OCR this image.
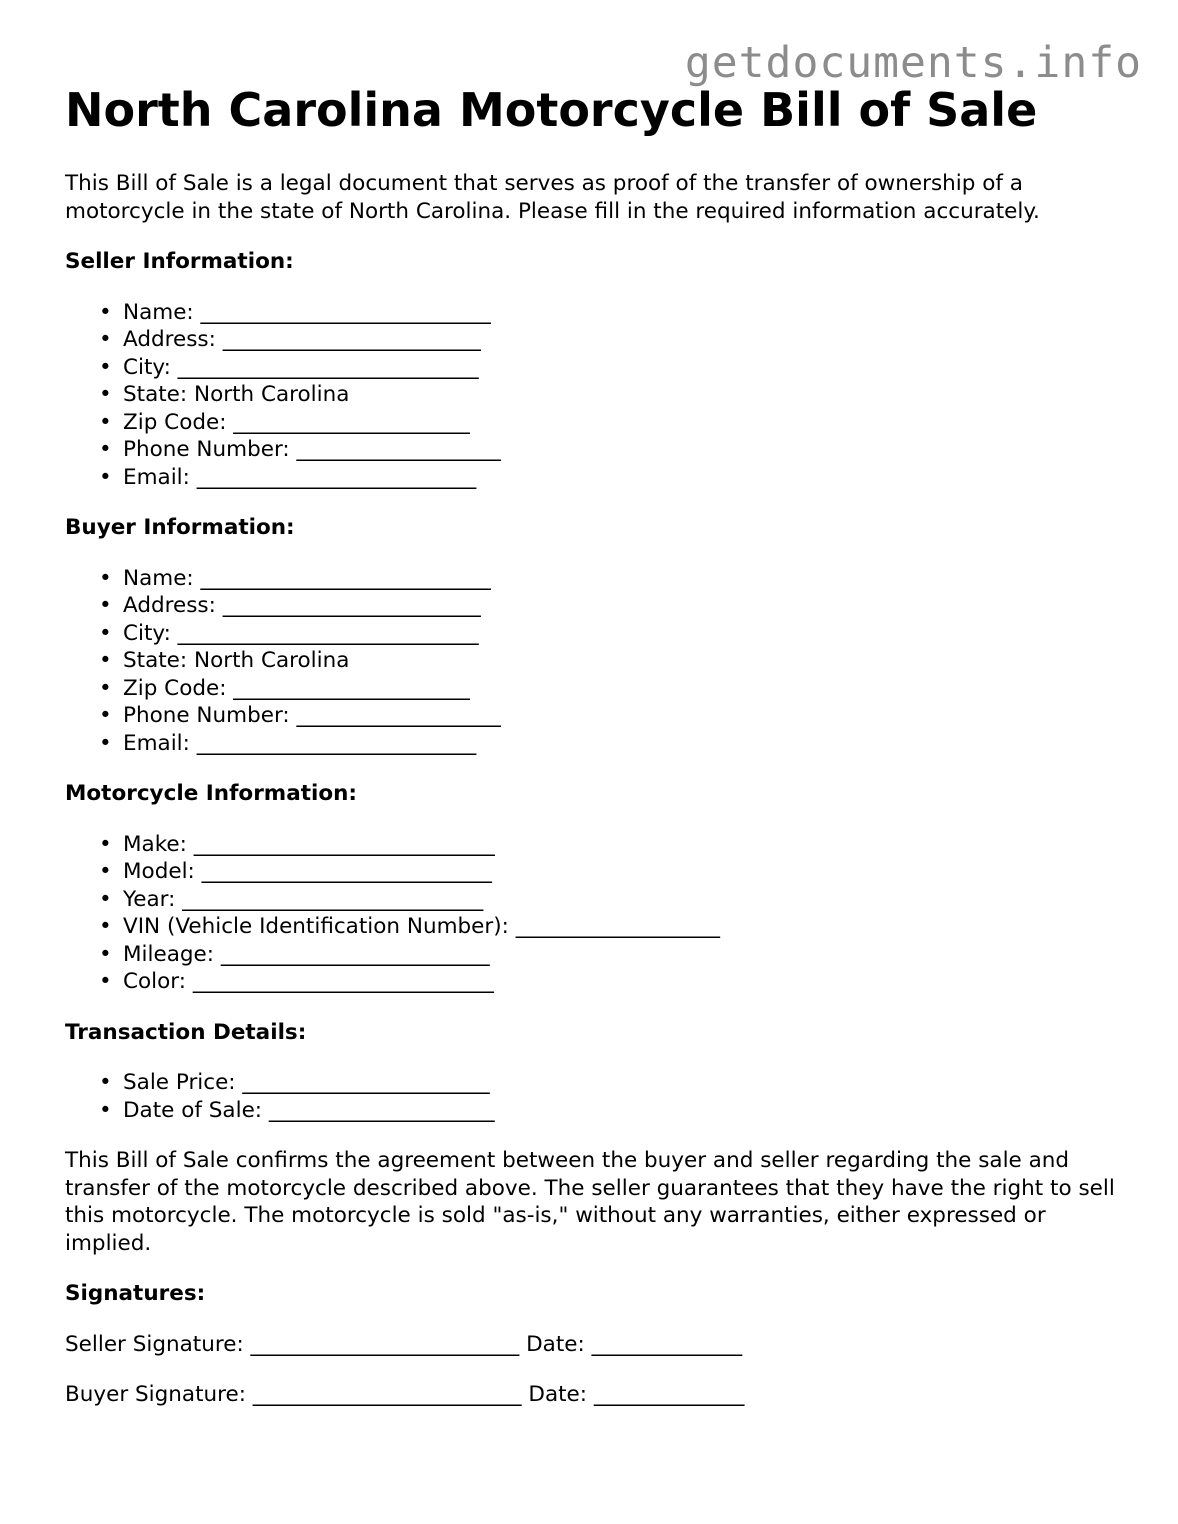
getdocuments.info
North Carolina Motorcycle Bill of Sale

This Bill of Sale is a legal document that serves as proof of the transfer of ownership of a motorcycle in the state of North Carolina. Please fill in the required information accurately.

Seller Information:
• Name: ___________________________
• Address: ________________________
• City: ____________________________
• State: North Carolina
• Zip Code: ______________________
• Phone Number: ___________________
• Email: __________________________
Buyer Information:
• Name: ___________________________
• Address: ________________________
• City: ____________________________
• State: North Carolina
• Zip Code: ______________________
• Phone Number: ___________________
• Email: __________________________
Motorcycle Information:
• Make: ____________________________
• Model: ___________________________
• Year: ____________________________
• VIN (Vehicle Identification Number): ___________________
• Mileage: _________________________
• Color: ____________________________
Transaction Details:
• Sale Price: _______________________
• Date of Sale: _____________________

This Bill of Sale confirms the agreement between the buyer and seller regarding the sale and transfer of the motorcycle described above. The seller guarantees that they have the right to sell this motorcycle. The motorcycle is sold "as-is," without any warranties, either expressed or implied.

Signatures:

Seller Signature: _________________________ Date: ______________

Buyer Signature: _________________________ Date: ______________
